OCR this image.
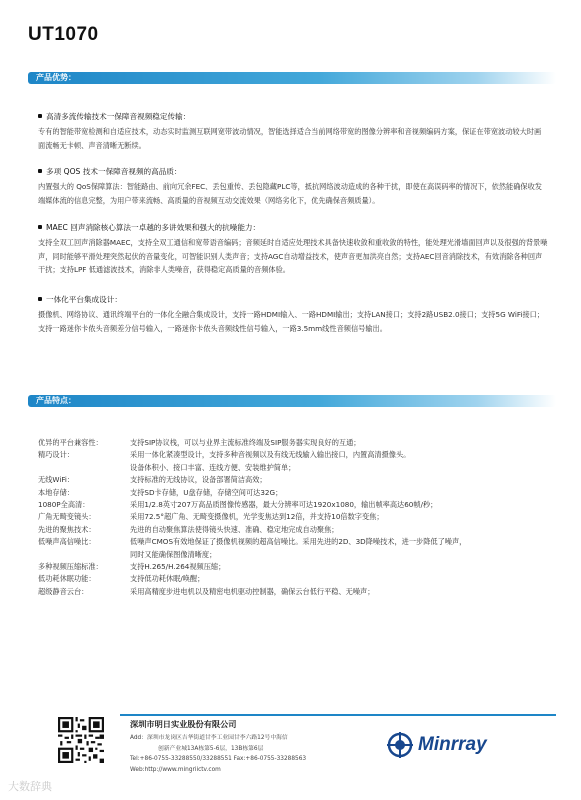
UT1070
产品优势：
高清多流传输技术一保障音视频稳定传输：
专有的智能带宽检测和自适应技术，动态实时监测互联网宽带波动情况，智能选择适合当前网络带宽的图像分辨率和音视频编码方案，保证在带宽波动较大时画面流畅无卡顿、声音清晰无断续。
多项 QOS 技术一保障音视频的高品质：
内置强大的 QoS保障算法：智能路由、前向冗余FEC、丢包重传、丢包隐藏PLC等，抵抗网络波动造成的各种干扰，即使在高误码率的情况下，依然能确保收发端媒体流的信息完整，为用户带来流畅、高质量的音视频互动交流效果（网络劣化下，优先确保音频质量）。
MAEC 回声消除核心算法一卓越的多讲效果和强大的抗噪能力：
支持全双工回声消除器MAEC，支持全双工通信和宽带语音编码；音频延时自适应处理技术具备快速收敛和重收敛的特性，能处理光滑墙面回声以及很强的背景噪声，同时能够平滑处理突然起伏的音量变化，可智能识别人类声音；支持AGC自动增益技术，使声音更加洪亮自然；支持AEC回音消除技术，有效消除各种回声干扰；支持LPF 低通滤波技术，消除非人类噪音，获得稳定高质量的音频体验。
一体化平台集成设计：
摄像机、网络协议、通讯终端平台的一体化全融合集成设计，支持一路HDMI输入、一路HDMI输出；支持LAN接口；支持2路USB2.0接口；支持5G WiFi接口；支持一路迷你卡侬头音频差分信号输入，一路迷你卡侬头音频线性信号输入，一路3.5mm线性音频信号输出。
产品特点：
优异的平台兼容性：	支持SIP协议栈，可以与业界主流标准终端及SIP服务器实现良好的互通；
精巧设计：	采用一体化紧凑型设计，支持多种音视频以及有线无线输入输出接口，内置高清摄像头。
设备体积小、接口丰富、连线方便、安装维护简单；
无线WiFi：	支持标准的无线协议，设备部署简洁高效；
本地存储：	支持SD卡存储，U盘存储，存储空间可达32G；
1080P全高清：	采用1/2.8英寸207万高品质图像传感器，最大分辨率可达1920x1080，输出帧率高达60帧/秒；
广角无畸变镜头：	采用72.5°超广角、无畸变摄像机，光学变焦达到12倍，并支持10倍数字变焦；
先进的聚焦技术：	先进的自动聚焦算法使得镜头快速、准确、稳定地完成自动聚焦；
低噪声高信噪比：	低噪声CMOS有效地保证了摄像机视频的超高信噪比。采用先进的2D、3D降噪技术，进一步降低了噪声，
同时又能确保图像清晰度；
多种视频压缩标准：	支持H.265/H.264视频压缩；
低功耗休眠功能：	支持低功耗休眠/唤醒；
超级静音云台：	采用高精度步进电机以及精密电机驱动控制器，确保云台低行平稳、无噪声；
深圳市明日实业股份有限公司
Add：深圳市龙岗区吉华街道甘李工业园甘李六路12号中海信
创新产业城13A栋第5-6层，13B栋第6层
Tel:+86-0755-33288550/33288551 Fax:+86-0755-33288563
Web:http://www.mingriictv.com
Minrray
大数辞典
